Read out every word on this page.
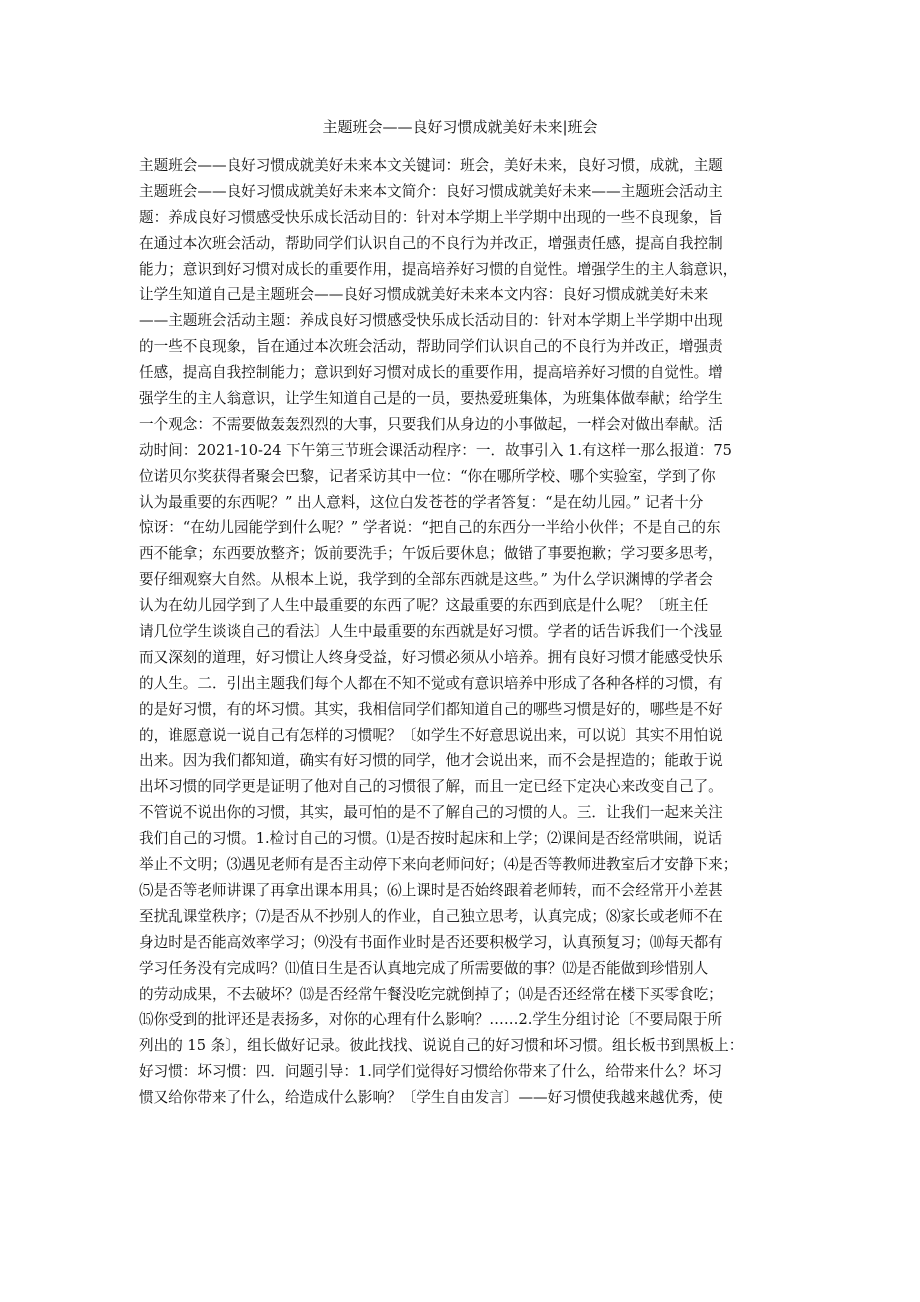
主题班会——良好习惯成就美好未来|班会
主题班会——良好习惯成就美好未来本文关键词：班会，美好未来，良好习惯，成就，主题
主题班会——良好习惯成就美好未来本文简介：良好习惯成就美好未来——主题班会活动主
题：养成良好习惯感受快乐成长活动目的：针对本学期上半学期中出现的一些不良现象，旨
在通过本次班会活动，帮助同学们认识自己的不良行为并改正，增强责任感，提高自我控制
能力；意识到好习惯对成长的重要作用，提高培养好习惯的自觉性。增强学生的主人翁意识，
让学生知道自己是主题班会——良好习惯成就美好未来本文内容：良好习惯成就美好未来
——主题班会活动主题：养成良好习惯感受快乐成长活动目的：针对本学期上半学期中出现
的一些不良现象，旨在通过本次班会活动，帮助同学们认识自己的不良行为并改正，增强责
任感，提高自我控制能力；意识到好习惯对成长的重要作用，提高培养好习惯的自觉性。增
强学生的主人翁意识，让学生知道自己是的一员，要热爱班集体，为班集体做奉献；给学生
一个观念：不需要做轰轰烈烈的大事，只要我们从身边的小事做起，一样会对做出奉献。活
动时间：2021-10-24 下午第三节班会课活动程序：一．故事引入 1.有这样一那么报道：75
位诺贝尔奖获得者聚会巴黎，记者采访其中一位：“你在哪所学校、哪个实验室，学到了你
认为最重要的东西呢？” 出人意料，这位白发苍苍的学者答复：“是在幼儿园。” 记者十分
惊讶：“在幼儿园能学到什么呢？” 学者说：“把自己的东西分一半给小伙伴；不是自己的东
西不能拿；东西要放整齐；饭前要洗手；午饭后要休息；做错了事要抱歉；学习要多思考，
要仔细观察大自然。从根本上说，我学到的全部东西就是这些。” 为什么学识渊博的学者会
认为在幼儿园学到了人生中最重要的东西了呢？这最重要的东西到底是什么呢？〔班主任
请几位学生谈谈自己的看法〕人生中最重要的东西就是好习惯。学者的话告诉我们一个浅显
而又深刻的道理，好习惯让人终身受益，好习惯必须从小培养。拥有良好习惯才能感受快乐
的人生。二．引出主题我们每个人都在不知不觉或有意识培养中形成了各种各样的习惯，有
的是好习惯，有的坏习惯。其实，我相信同学们都知道自己的哪些习惯是好的，哪些是不好
的，谁愿意说一说自己有怎样的习惯呢？〔如学生不好意思说出来，可以说〕其实不用怕说
出来。因为我们都知道，确实有好习惯的同学，他才会说出来，而不会是捏造的；能敢于说
出坏习惯的同学更是证明了他对自己的习惯很了解，而且一定已经下定决心来改变自己了。
不管说不说出你的习惯，其实，最可怕的是不了解自己的习惯的人。三．让我们一起来关注
我们自己的习惯。1.检讨自己的习惯。⑴是否按时起床和上学；⑵课间是否经常哄闹，说话
举止不文明；⑶遇见老师有是否主动停下来向老师问好；⑷是否等教师进教室后才安静下来；
⑸是否等老师讲课了再拿出课本用具；⑹上课时是否始终跟着老师转，而不会经常开小差甚
至扰乱课堂秩序；⑺是否从不抄别人的作业，自己独立思考，认真完成；⑻家长或老师不在
身边时是否能高效率学习；⑼没有书面作业时是否还要积极学习，认真预复习；⑽每天都有
学习任务没有完成吗？⑾值日生是否认真地完成了所需要做的事？⑿是否能做到珍惜别人
的劳动成果，不去破坏？⒀是否经常午餐没吃完就倒掉了；⒁是否还经常在楼下买零食吃；
⒂你受到的批评还是表扬多，对你的心理有什么影响？……2.学生分组讨论〔不要局限于所
列出的 15 条〕，组长做好记录。彼此找找、说说自己的好习惯和坏习惯。组长板书到黑板上：
好习惯：坏习惯：四．问题引导：1.同学们觉得好习惯给你带来了什么，给带来什么？坏习
惯又给你带来了什么，给造成什么影响？〔学生自由发言〕——好习惯使我越来越优秀，使
